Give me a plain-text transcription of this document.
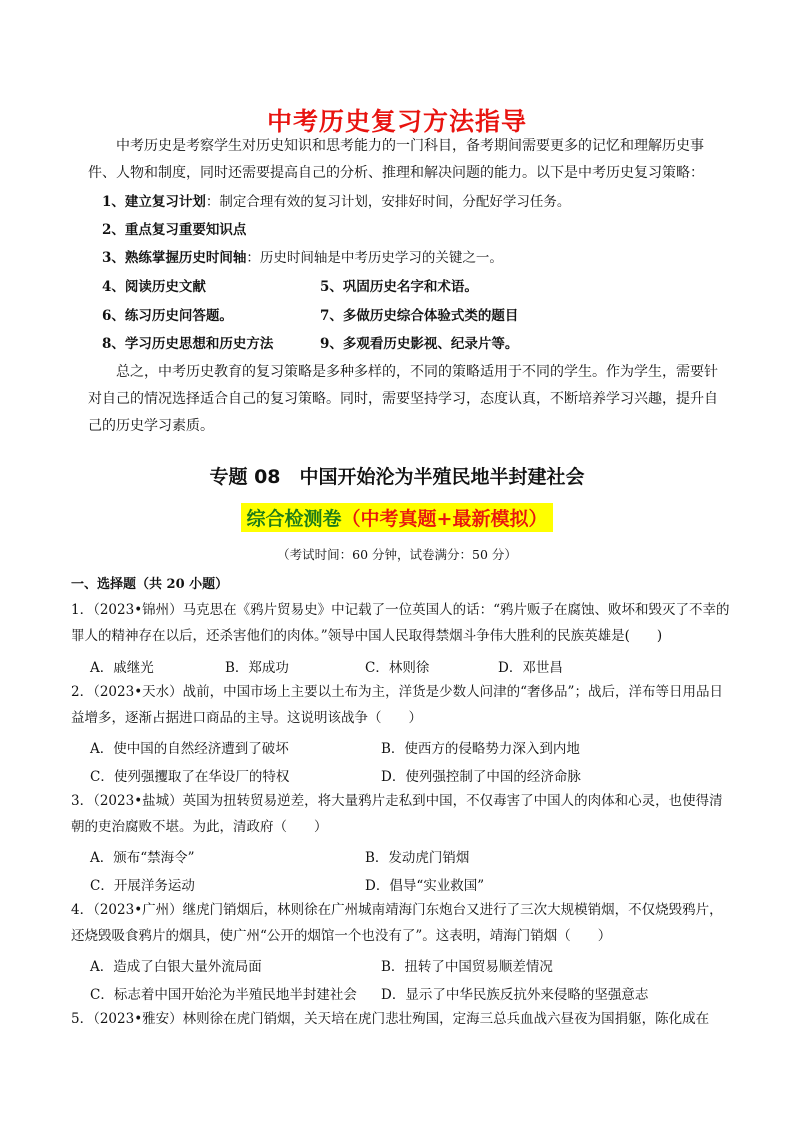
中考历史复习方法指导
中考历史是考察学生对历史知识和思考能力的一门科目，备考期间需要更多的记忆和理解历史事件、人物和制度，同时还需要提高自己的分析、推理和解决问题的能力。以下是中考历史复习策略：
1、建立复习计划：制定合理有效的复习计划，安排好时间，分配好学习任务。
2、重点复习重要知识点
3、熟练掌握历史时间轴：历史时间轴是中考历史学习的关键之一。
4、阅读历史文献	5、巩固历史名字和术语。
6、练习历史问答题。	7、多做历史综合体验式类的题目
8、学习历史思想和历史方法	9、多观看历史影视、纪录片等。
总之，中考历史教育的复习策略是多种多样的，不同的策略适用于不同的学生。作为学生，需要针对自己的情况选择适合自己的复习策略。同时，需要坚持学习，态度认真，不断培养学习兴趣，提升自己的历史学习素质。
专题 08　中国开始沦为半殖民地半封建社会
综合检测卷（中考真题+最新模拟）
（考试时间：60 分钟，试卷满分：50 分）
一、选择题（共 20 小题）
1．（2023•锦州）马克思在《鸦片贸易史》中记载了一位英国人的话：“鸦片贩子在腐蚀、败坏和毁灭了不幸的罪人的精神存在以后，还杀害他们的肉体。”领导中国人民取得禁烟斗争伟大胜利的民族英雄是(　　)
A．戚继光	B．郑成功	C．林则徐	D．邓世昌
2．（2023•天水）战前，中国市场上主要以土布为主，洋货是少数人问津的“奢侈品”；战后，洋布等日用品日益增多，逐渐占据进口商品的主导。这说明该战争（　　）
A．使中国的自然经济遭到了破坏	B．使西方的侵略势力深入到内地
C．使列强攫取了在华设厂的特权	D．使列强控制了中国的经济命脉
3．（2023•盐城）英国为扭转贸易逆差，将大量鸦片走私到中国，不仅毒害了中国人的肉体和心灵，也使得清朝的吏治腐败不堪。为此，清政府（　　）
A．颁布“禁海令”	B．发动虎门销烟
C．开展洋务运动	D．倡导“实业救国”
4．（2023•广州）继虎门销烟后，林则徐在广州城南靖海门东炮台又进行了三次大规模销烟，不仅烧毁鸦片，还烧毁吸食鸦片的烟具，使广州“公开的烟馆一个也没有了”。这表明，靖海门销烟（　　）
A．造成了白银大量外流局面	B．扭转了中国贸易顺差情况
C．标志着中国开始沦为半殖民地半封建社会 D．显示了中华民族反抗外来侵略的坚强意志
5．（2023•雅安）林则徐在虎门销烟，关天培在虎门悲壮殉国，定海三总兵血战六昼夜为国捐躯，陈化成在
